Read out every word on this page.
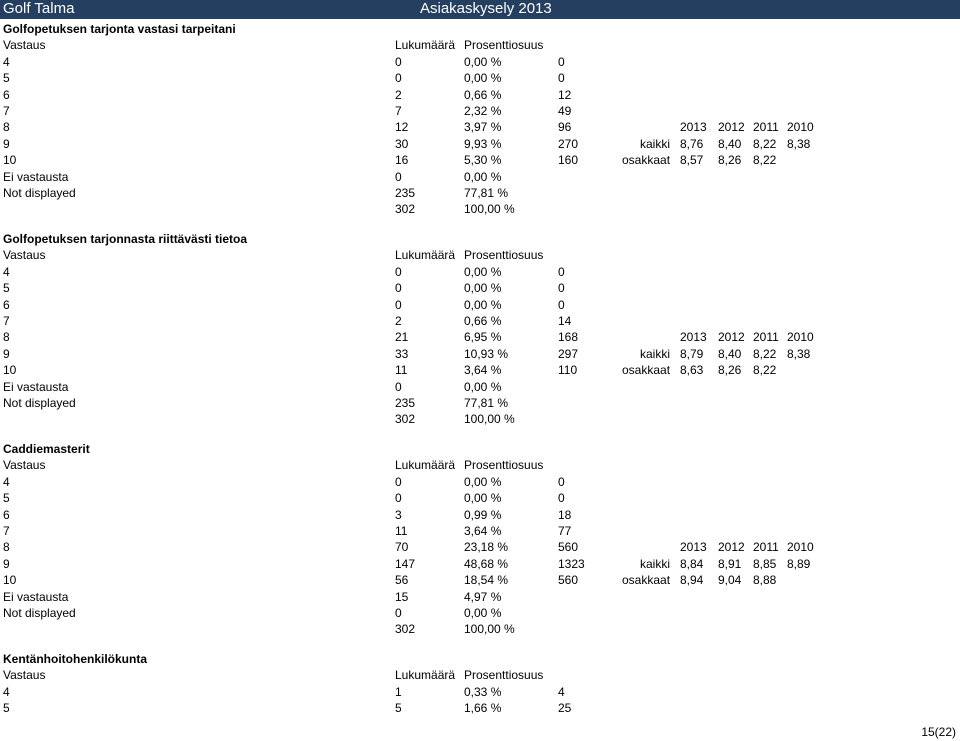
Golf Talma	Asiakaskysely 2013
Golfopetuksen tarjonta vastasi tarpeitani
Vastaus	Lukumäärä Prosenttiosuus
4	0	0,00 %	0
5	0	0,00 %	0
6	2	0,66 %	12
7	7	2,32 %	49
8	12	3,97 %	96	2013 2012 2011 2010
9	30	9,93 %	270	kaikki 8,76 8,40 8,22 8,38
10	16	5,30 %	160	osakkaat 8,57 8,26 8,22
Ei vastausta	0	0,00 %
Not displayed	235	77,81 %
302	100,00 %
Golfopetuksen tarjonnasta riittävästi tietoa
Vastaus	Lukumäärä Prosenttiosuus
4	0	0,00 %	0
5	0	0,00 %	0
6	0	0,00 %	0
7	2	0,66 %	14
8	21	6,95 %	168	2013 2012 2011 2010
9	33	10,93 %	297	kaikki 8,79 8,40 8,22 8,38
10	11	3,64 %	110	osakkaat 8,63 8,26 8,22
Ei vastausta	0	0,00 %
Not displayed	235	77,81 %
302	100,00 %
Caddiemasterit
Vastaus	Lukumäärä Prosenttiosuus
4	0	0,00 %	0
5	0	0,00 %	0
6	3	0,99 %	18
7	11	3,64 %	77
8	70	23,18 %	560	2013 2012 2011 2010
9	147	48,68 %	1323	kaikki 8,84 8,91 8,85 8,89
10	56	18,54 %	560	osakkaat 8,94 9,04 8,88
Ei vastausta	15	4,97 %
Not displayed	0	0,00 %
302	100,00 %
Kentänhoitohenkilökunta
Vastaus	Lukumäärä Prosenttiosuus
4	1	0,33 %	4
5	5	1,66 %	25
15(22)
